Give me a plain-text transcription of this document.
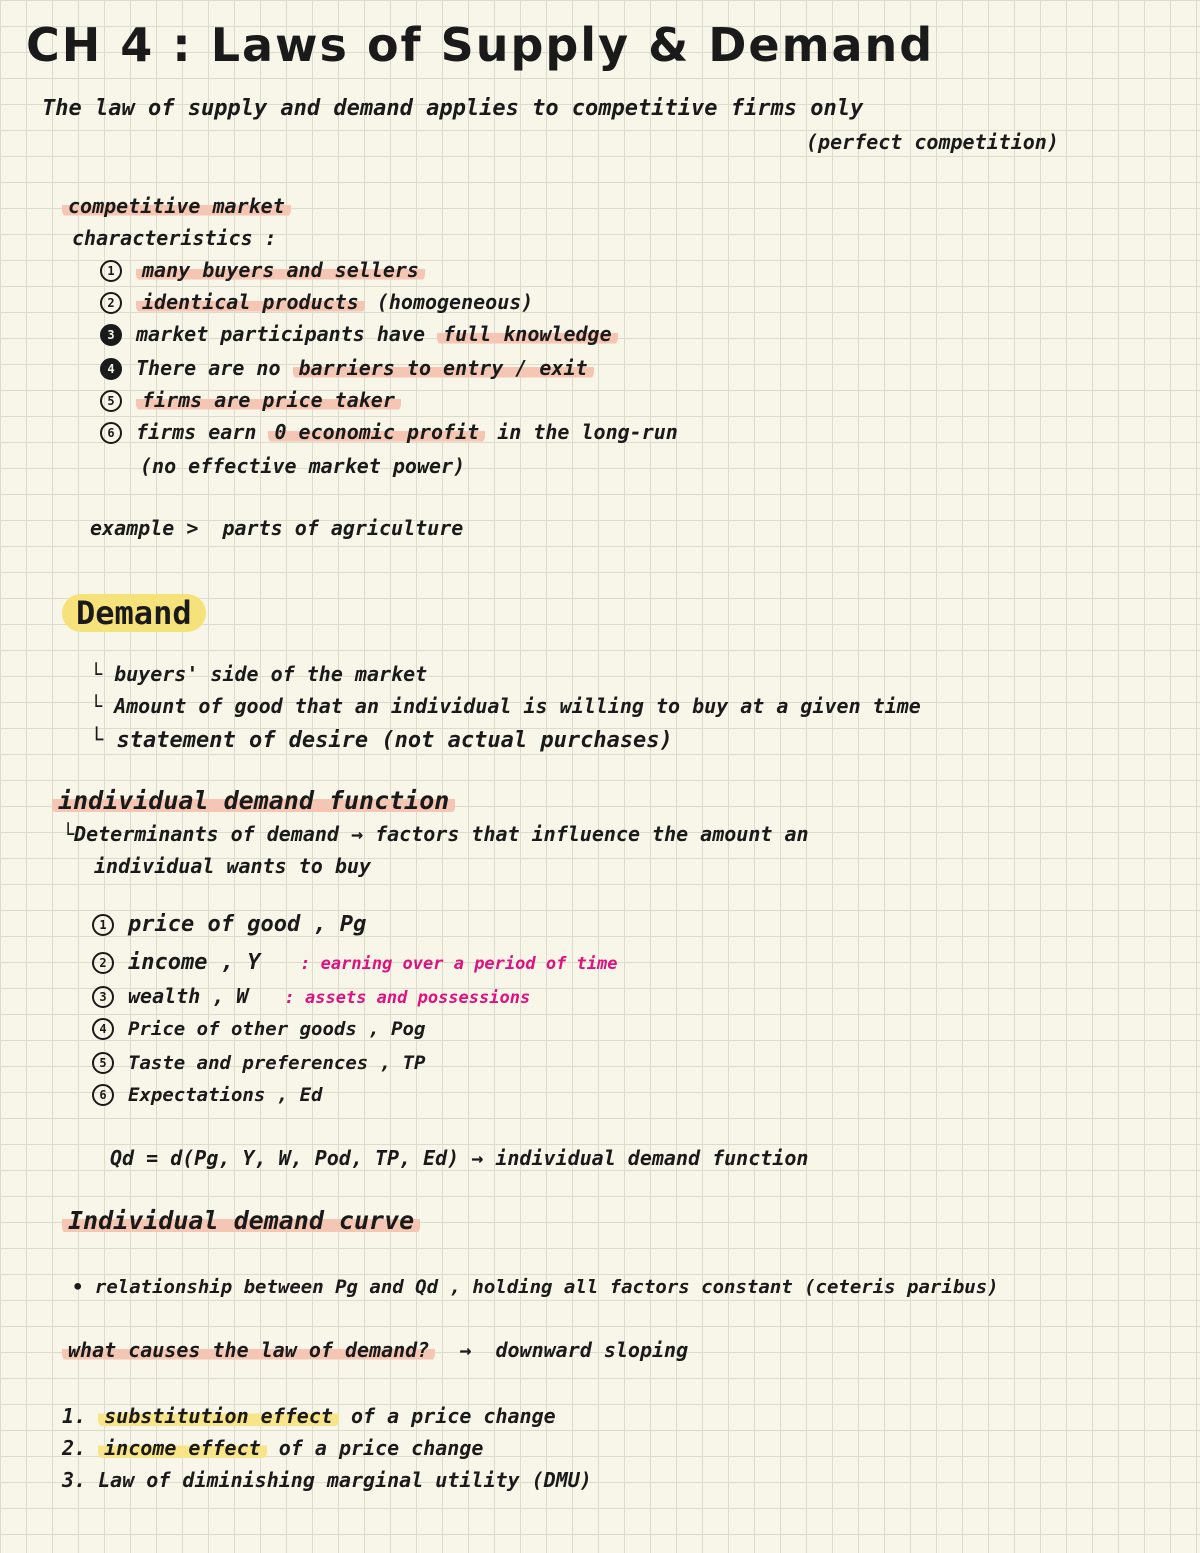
CH 4 : Laws of Supply & Demand
The law of supply and demand applies to competitive firms only
(perfect competition)
competitive market
characteristics :
1 many buyers and sellers
2 identical products (homogeneous)
3 market participants have full knowledge
4 There are no barriers to entry / exit
5 firms are price taker
6 firms earn 0 economic profit in the long-run
(no effective market power)
example > parts of agriculture
Demand
└ buyers' side of the market
└ Amount of good that an individual is willing to buy at a given time
└ statement of desire (not actual purchases)
individual demand function
└Determinants of demand → factors that influence the amount an
individual wants to buy
1 price of good , Pg
2 income , Y : earning over a period of time
3 wealth , W : assets and possessions
4 Price of other goods , Pog
5 Taste and preferences , TP
6 Expectations , Ed
Qd = d(Pg, Y, W, Pod, TP, Ed) → individual demand function
Individual demand curve
• relationship between Pg and Qd , holding all factors constant (ceteris paribus)
what causes the law of demand?  →  downward sloping
1. substitution effect of a price change
2. income effect of a price change
3. Law of diminishing marginal utility (DMU)
